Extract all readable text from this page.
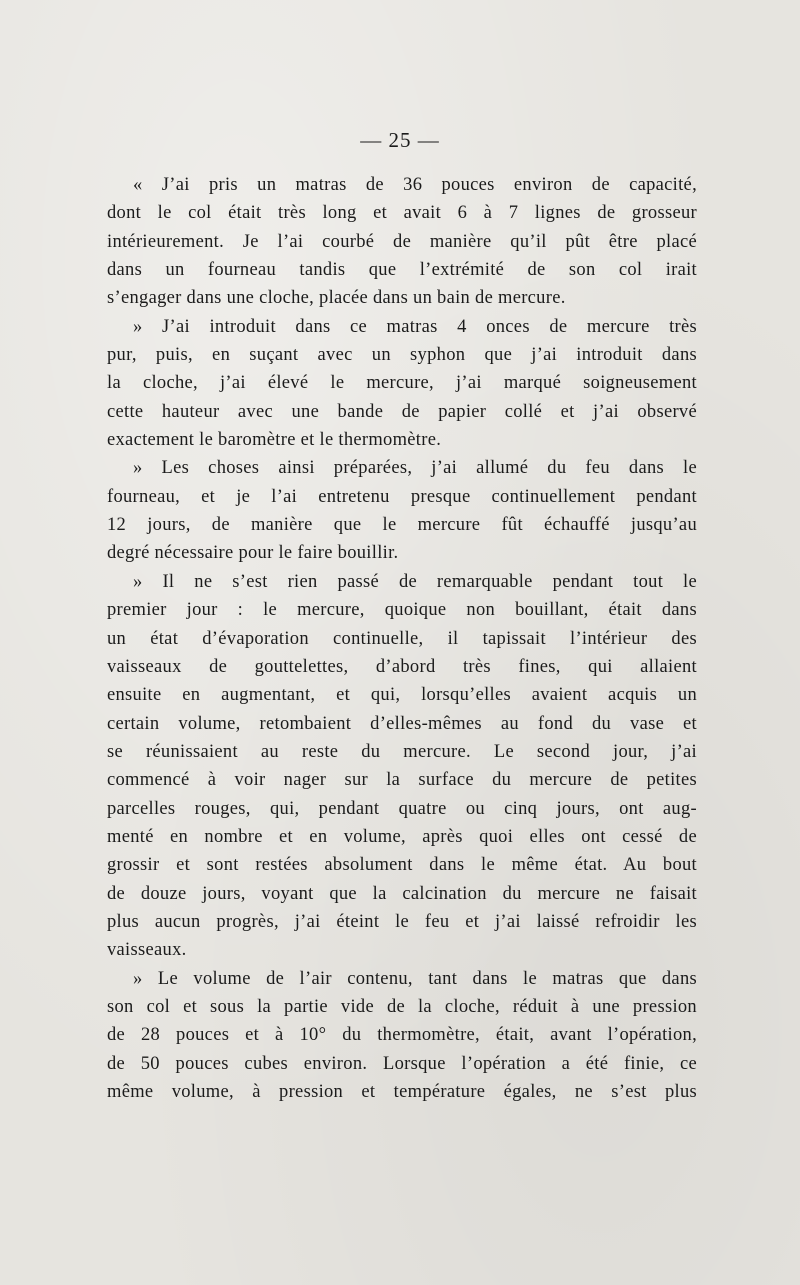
— 25 —
« J’ai pris un matras de 36 pouces environ de capacité,
dont le col était très long et avait 6 à 7 lignes de grosseur
intérieurement. Je l’ai courbé de manière qu’il pût être placé
dans un fourneau tandis que l’extrémité de son col irait
s’engager dans une cloche, placée dans un bain de mercure.
» J’ai introduit dans ce matras 4 onces de mercure très
pur, puis, en suçant avec un syphon que j’ai introduit dans
la cloche, j’ai élevé le mercure, j’ai marqué soigneusement
cette hauteur avec une bande de papier collé et j’ai observé
exactement le baromètre et le thermomètre.
» Les choses ainsi préparées, j’ai allumé du feu dans le
fourneau, et je l’ai entretenu presque continuellement pendant
12 jours, de manière que le mercure fût échauffé jusqu’au
degré nécessaire pour le faire bouillir.
» Il ne s’est rien passé de remarquable pendant tout le
premier jour : le mercure, quoique non bouillant, était dans
un état d’évaporation continuelle, il tapissait l’intérieur des
vaisseaux de gouttelettes, d’abord très fines, qui allaient
ensuite en augmentant, et qui, lorsqu’elles avaient acquis un
certain volume, retombaient d’elles-mêmes au fond du vase et
se réunissaient au reste du mercure. Le second jour, j’ai
commencé à voir nager sur la surface du mercure de petites
parcelles rouges, qui, pendant quatre ou cinq jours, ont aug-
menté en nombre et en volume, après quoi elles ont cessé de
grossir et sont restées absolument dans le même état. Au bout
de douze jours, voyant que la calcination du mercure ne faisait
plus aucun progrès, j’ai éteint le feu et j’ai laissé refroidir les
vaisseaux.
» Le volume de l’air contenu, tant dans le matras que dans
son col et sous la partie vide de la cloche, réduit à une pression
de 28 pouces et à 10° du thermomètre, était, avant l’opération,
de 50 pouces cubes environ. Lorsque l’opération a été finie, ce
même volume, à pression et température égales, ne s’est plus
